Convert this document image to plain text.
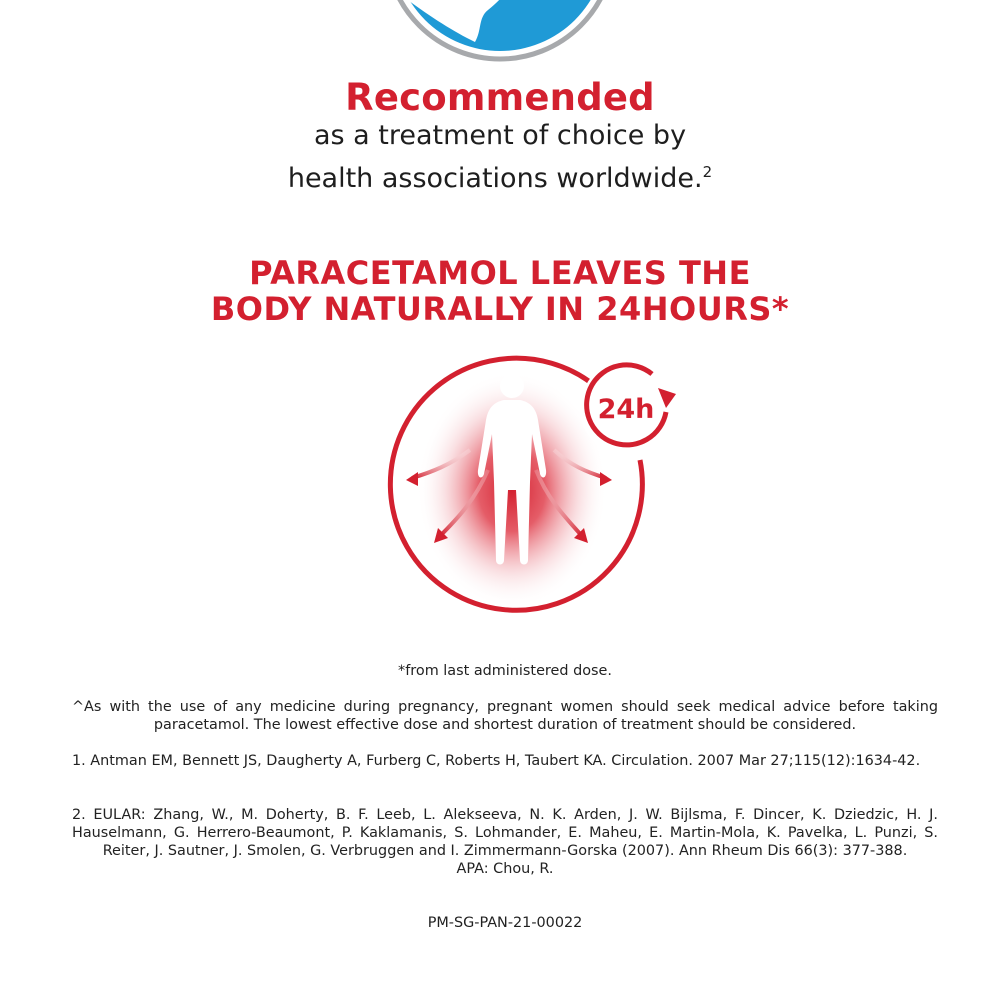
Recommended
as a treatment of choice by
health associations worldwide.$^2$
PARACETAMOL LEAVES THE
BODY NATURALLY IN 24HOURS*
24h
*from last administered dose.
^As with the use of any medicine during pregnancy, pregnant women should seek medical advice before taking paracetamol. The lowest effective dose and shortest duration of treatment should be considered.
1. Antman EM, Bennett JS, Daugherty A, Furberg C, Roberts H, Taubert KA. Circulation. 2007 Mar 27;115(12):1634-42.
2. EULAR: Zhang, W., M. Doherty, B. F. Leeb, L. Alekseeva, N. K. Arden, J. W. Bijlsma, F. Dincer, K. Dziedzic, H. J. Hauselmann, G. Herrero-Beaumont, P. Kaklamanis, S. Lohmander, E. Maheu, E. Martin-Mola, K. Pavelka, L. Punzi, S. Reiter, J. Sautner, J. Smolen, G. Verbruggen and I. Zimmermann-Gorska (2007). Ann Rheum Dis 66(3): 377-388.
APA: Chou, R.
PM-SG-PAN-21-00022
